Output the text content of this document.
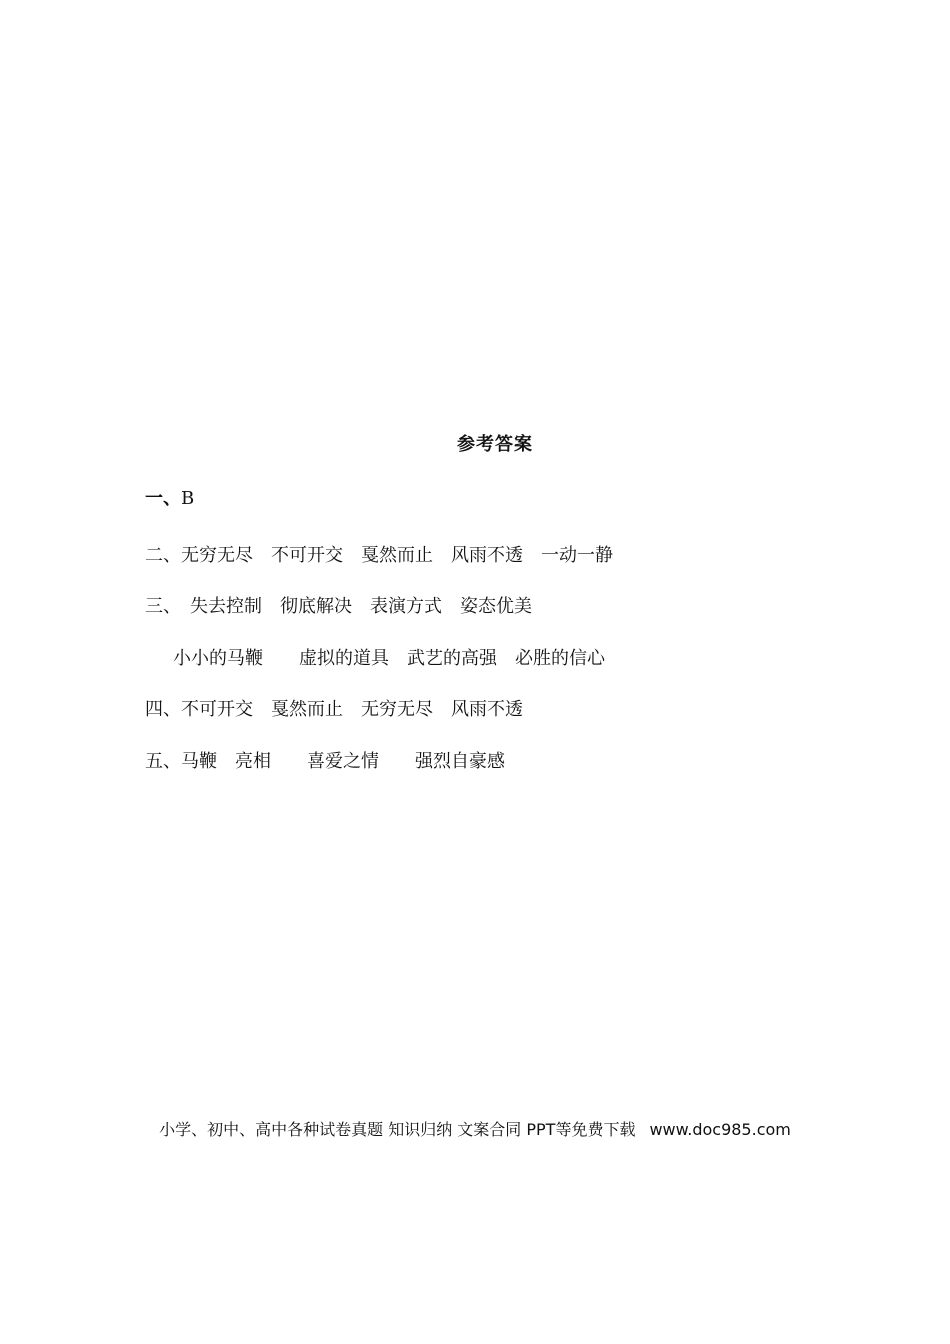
参考答案
一、B
二、无穷无尽　不可开交　戛然而止　风雨不透　一动一静
三、　失去控制　彻底解决　表演方式　姿态优美
小小的马鞭　　虚拟的道具　武艺的高强　必胜的信心
四、不可开交　戛然而止　无穷无尽　风雨不透
五、马鞭　亮相　　喜爱之情　　强烈自豪感
小学、初中、高中各种试卷真题 知识归纳 文案合同 PPT等免费下载 www.doc985.com
